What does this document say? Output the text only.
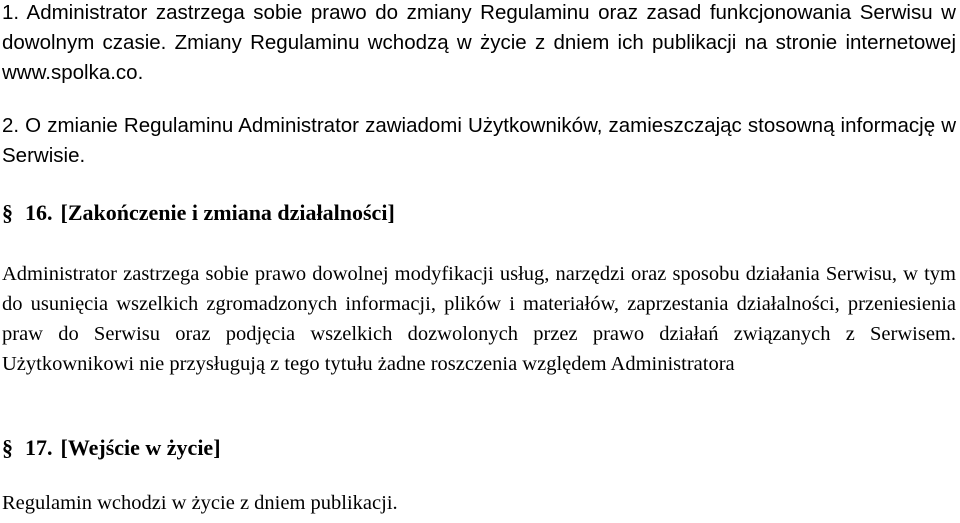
1. Administrator zastrzega sobie prawo do zmiany Regulaminu oraz zasad funkcjonowania Serwisu w dowolnym czasie. Zmiany Regulaminu wchodzą w życie z dniem ich publikacji na stronie internetowej www.spolka.co.

2. O zmianie Regulaminu Administrator zawiadomi Użytkowników, zamieszczając stosowną informację w Serwisie.

§ 16. [Zakończenie i zmiana działalności]

Administrator zastrzega sobie prawo dowolnej modyfikacji usług, narzędzi oraz sposobu działania Serwisu, w tym do usunięcia wszelkich zgromadzonych informacji, plików i materiałów, zaprzestania działalności, przeniesienia praw do Serwisu oraz podjęcia wszelkich dozwolonych przez prawo działań związanych z Serwisem. Użytkownikowi nie przysługują z tego tytułu żadne roszczenia względem Administratora

§ 17. [Wejście w życie]

Regulamin wchodzi w życie z dniem publikacji.
